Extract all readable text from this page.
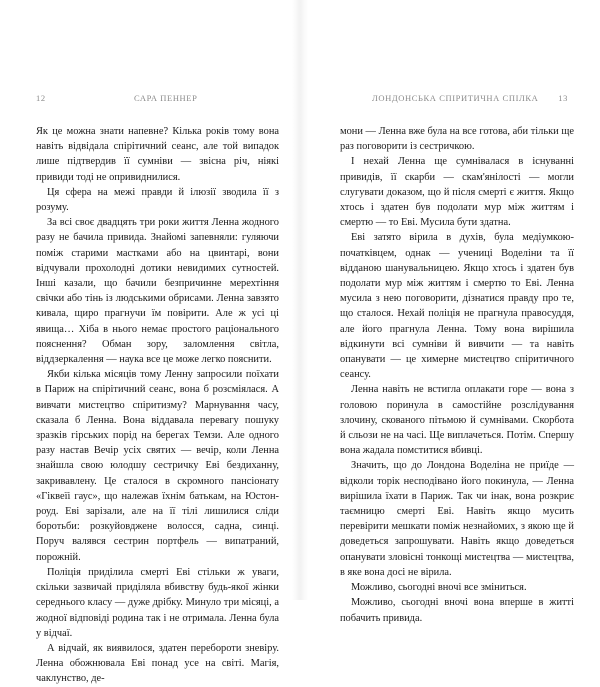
12	САРА ПЕННЕР

Як це можна знати напевне? Кілька років тому вона навіть відвідала спірітичний сеанс, але той випадок лише підтвердив її сумніви — звісна річ, ніякі привиди тоді не опривиднилися.

Ця сфера на межі правди й ілюзії зводила її з розуму.

За всі своє двадцять три роки життя Ленна жодного разу не бачила привида. Знайомі запевняли: гуляючи поміж старими мастками або на цвинтарі, вони відчували прохолодні дотики невидимих сутностей. Інші казали, що бачили безпричинне мерехтіння свічки або тінь із людськими обрисами. Ленна завзято кивала, щиро прагнучи їм повірити. Але ж усі ці явища… Хіба в нього немає простого раціонального пояснення? Обман зору, заломлення світла, віддзеркалення — наука все це може легко пояснити.

Якби кілька місяців тому Ленну запросили поїхати в Париж на спірітичний сеанс, вона б розсміялася. А вивчати мистецтво спіритизму? Марнування часу, сказала б Ленна. Вона віддавала перевагу пошуку зразків гірських порід на берегах Темзи. Але одного разу настав Вечір усіх святих — вечір, коли Ленна знайшла свою юлодшу сестричку Еві бездиханну, закривавлену. Це сталося в скромного пансіонату «Гіквеїі гаус», що належав їхнім батькам, на Юстон-роуд. Еві зарізали, але на її тілі лишилися сліди боротьби: розкуйовджене волосся, садна, синці. Поруч валявся сестрин портфель — випатраний, порожній.

Поліція приділила смерті Еві стільки ж уваги, скільки зазвичай приділяла вбивству будь-якої жінки середнього класу — дуже дрібку. Минуло три місяці, а жодної відповіді родина так і не отримала. Ленна була у відчаї.

А відчай, як виявилося, здатен перебороти зневіру. Ленна обожнювала Еві понад усе на світі. Магія, чаклунство, де-

ЛОНДОНСЬКА СПІРИТИЧНА СПІЛКА 13

мони — Ленна вже була на все готова, аби тільки ще раз поговорити із сестричкою.

І нехай Ленна ще сумнівалася в існуванні привидів, її скарби — скам'янілості — могли слугувати доказом, що й після смерті є життя. Якщо хтось і здатен був подолати мур між життям і смертю — то Еві. Мусила бути здатна.

Еві затято вірила в духів, була медіумкою-початківцем, однак — учениці Воделіни та її відданою шанувальницею. Якщо хтось і здатен був подолати мур між життям і смертю то Еві. Ленна мусила з нею поговорити, дізнатися правду про те, що сталося. Нехай поліція не прагнула правосуддя, але його прагнула Ленна. Тому вона вирішила відкинути всі сумніви й вивчити — та навіть опанувати — це химерне мистецтво спіритичного сеансу.

Ленна навіть не встигла оплакати горе — вона з головою поринула в самостійне розслідування злочину, скованого пітьмою й сумнівами. Скорбота й сльози не на часі. Ще виплачеться. Потім. Спершу вона жадала помститися вбивці.

Значить, що до Лондона Воделіна не приїде — відколи торік несподівано його покинула, — Ленна вирішила їхати в Париж. Так чи інак, вона розкриє таємницю смерті Еві. Навіть якщо мусить перевірити мешкати поміж незнайомих, з якою ще й доведеться запрошувати. Навіть якщо доведеться опанувати зловісні тонкощі мистецтва — мистецтва, в яке вона досі не вірила.

Можливо, сьогодні вночі все зміниться.

Можливо, сьогодні вночі вона вперше в житті побачить привида.
